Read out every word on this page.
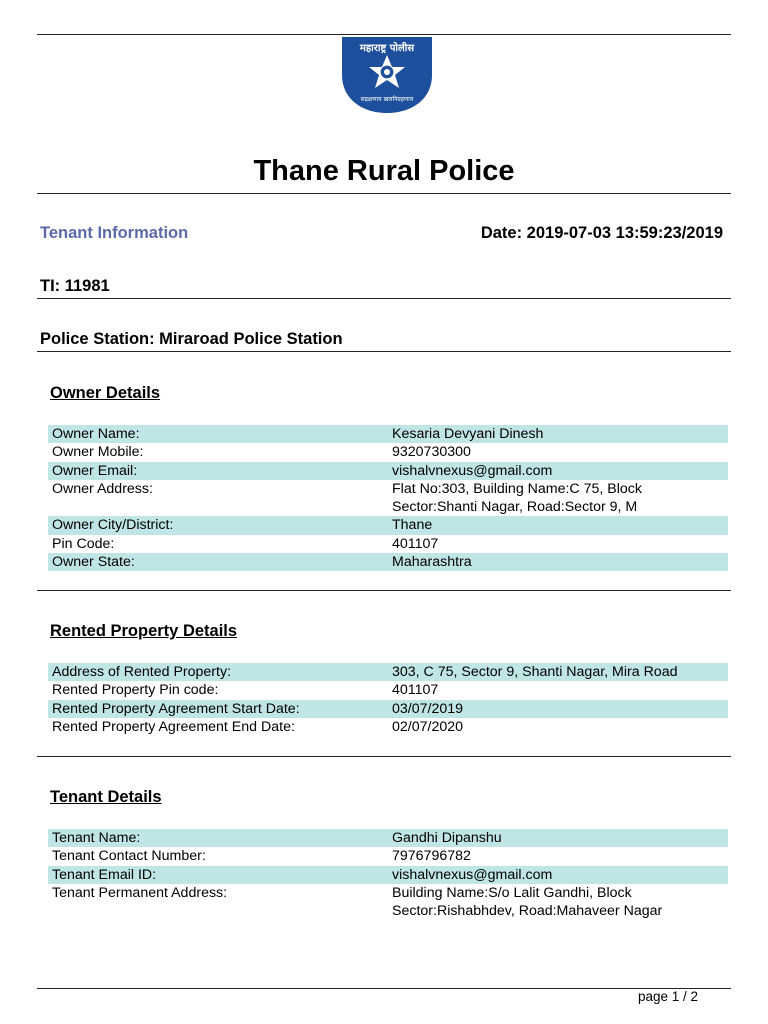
महाराष्ट्र पोलीस
सद्रक्षणाय खलनिग्रहणाय
Thane Rural Police
Tenant Information	Date: 2019-07-03 13:59:23/2019
TI: 11981
Police Station: Miraroad Police Station
Owner Details
Owner Name:	Kesaria Devyani Dinesh
Owner Mobile:	9320730300
Owner Email:	vishalvnexus@gmail.com
Owner Address:	Flat No:303, Building Name:C 75, Block
Sector:Shanti Nagar, Road:Sector 9, M
Owner City/District:	Thane
Pin Code:	401107
Owner State:	Maharashtra
Rented Property Details
Address of Rented Property:	303, C 75, Sector 9, Shanti Nagar, Mira Road
Rented Property Pin code:	401107
Rented Property Agreement Start Date:	03/07/2019
Rented Property Agreement End Date:	02/07/2020
Tenant Details
Tenant Name:	Gandhi Dipanshu
Tenant Contact Number:	7976796782
Tenant Email ID:	vishalvnexus@gmail.com
Tenant Permanent Address:	Building Name:S/o Lalit Gandhi, Block
Sector:Rishabhdev, Road:Mahaveer Nagar
page 1 / 2
